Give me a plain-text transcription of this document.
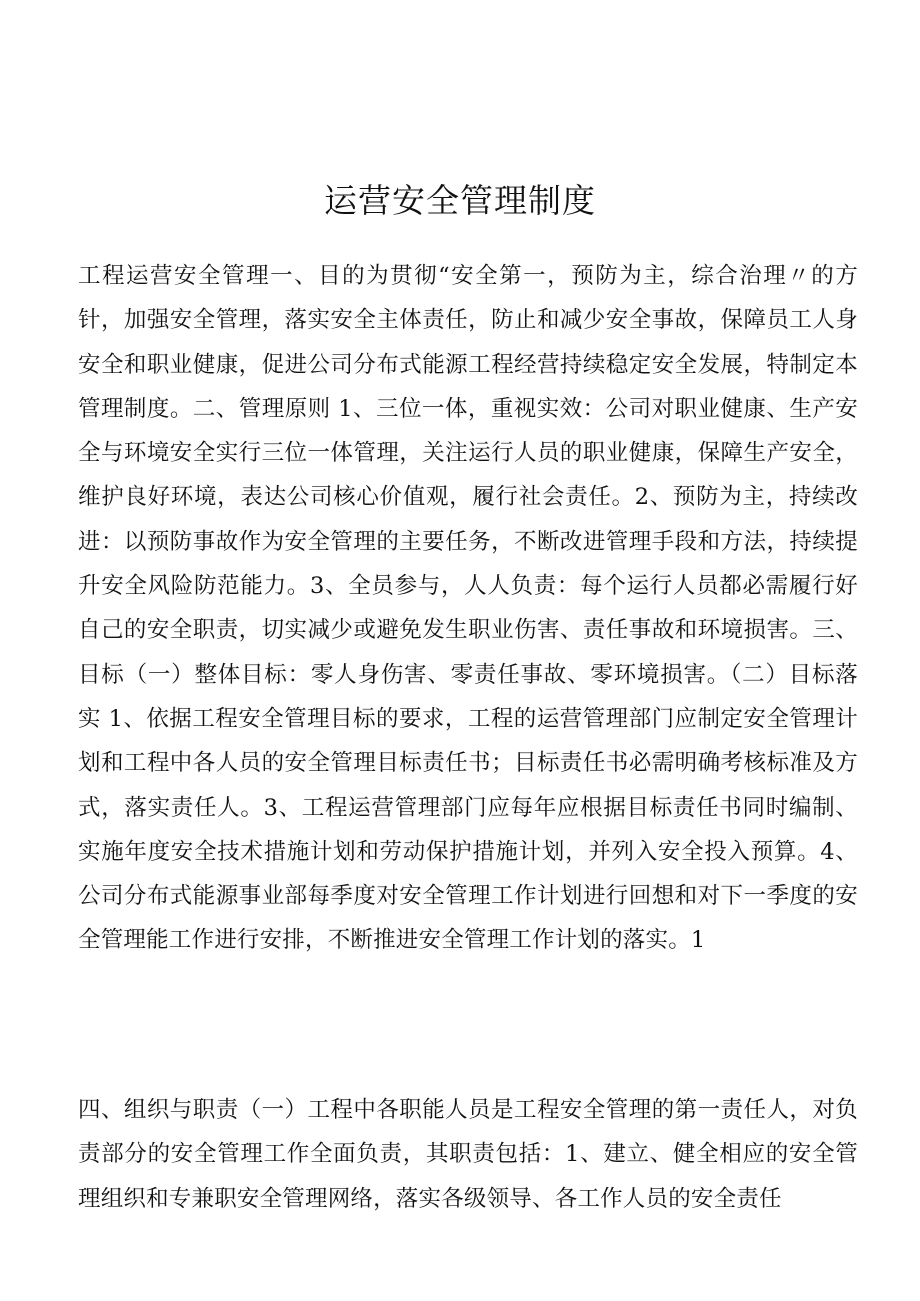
运营安全管理制度

工程运营安全管理一、目的为贯彻“安全第一，预防为主，综合治理〃的方针，加强安全管理，落实安全主体责任，防止和减少安全事故，保障员工人身安全和职业健康，促进公司分布式能源工程经营持续稳定安全发展，特制定本管理制度。二、管理原则 1、三位一体，重视实效：公司对职业健康、生产安全与环境安全实行三位一体管理，关注运行人员的职业健康，保障生产安全，维护良好环境，表达公司核心价值观，履行社会责任。2、预防为主，持续改进：以预防事故作为安全管理的主要任务，不断改进管理手段和方法，持续提升安全风险防范能力。3、全员参与，人人负责：每个运行人员都必需履行好自己的安全职责，切实减少或避免发生职业伤害、责任事故和环境损害。三、目标（一）整体目标：零人身伤害、零责任事故、零环境损害。（二）目标落实 1、依据工程安全管理目标的要求，工程的运营管理部门应制定安全管理计划和工程中各人员的安全管理目标责任书；目标责任书必需明确考核标准及方式，落实责任人。3、工程运营管理部门应每年应根据目标责任书同时编制、实施年度安全技术措施计划和劳动保护措施计划，并列入安全投入预算。4、公司分布式能源事业部每季度对安全管理工作计划进行回想和对下一季度的安全管理能工作进行安排，不断推进安全管理工作计划的落实。1

四、组织与职责（一）工程中各职能人员是工程安全管理的第一责任人，对负责部分的安全管理工作全面负责，其职责包括：1、建立、健全相应的安全管理组织和专兼职安全管理网络，落实各级领导、各工作人员的安全责任
